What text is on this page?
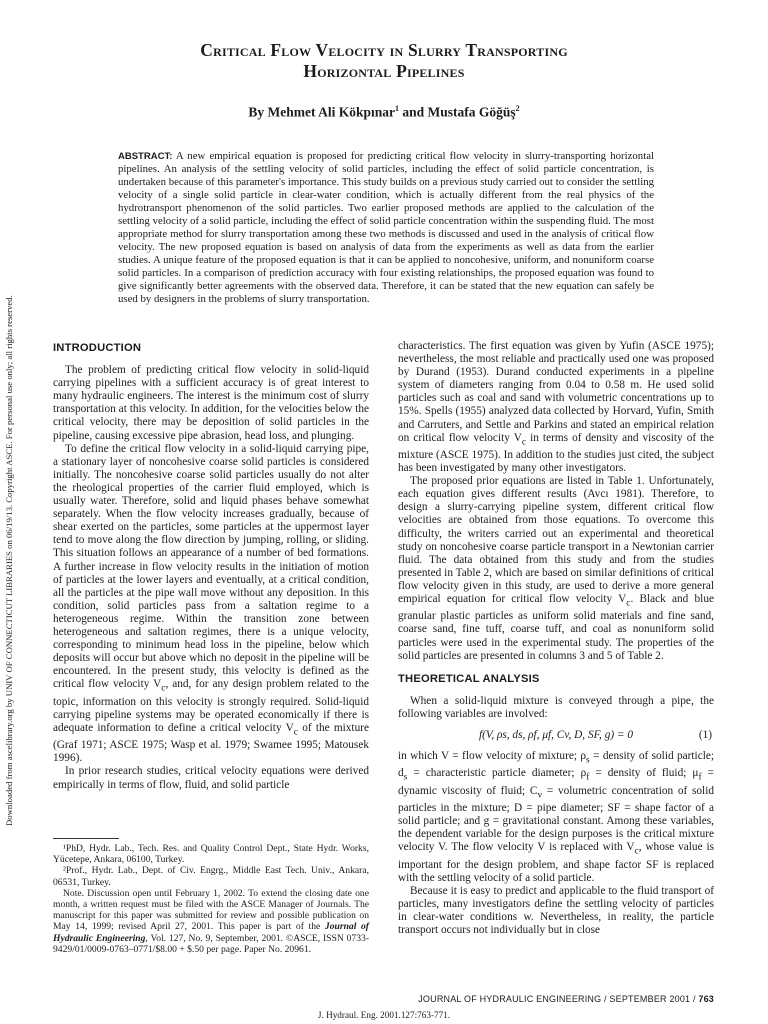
Downloaded from ascelibrary.org by UNIV OF CONNECTICUT LIBRARIES on 06/19/13. Copyright ASCE. For personal use only; all rights reserved.
Critical Flow Velocity in Slurry Transporting
Horizontal Pipelines
By Mehmet Ali Kökpınar$^1$ and Mustafa Göğüş$^2$
ABSTRACT: A new empirical equation is proposed for predicting critical flow velocity in slurry-transporting horizontal pipelines. An analysis of the settling velocity of solid particles, including the effect of solid particle concentration, is undertaken because of this parameter's importance. This study builds on a previous study carried out to consider the settling velocity of a single solid particle in clear-water condition, which is actually different from the real physics of the hydrotransport phenomenon of the solid particles. Two earlier proposed methods are applied to the calculation of the settling velocity of a solid particle, including the effect of solid particle concentration within the suspending fluid. The most appropriate method for slurry transportation among these two methods is discussed and used in the analysis of critical flow velocity. The new proposed equation is based on analysis of data from the experiments as well as data from the earlier studies. A unique feature of the proposed equation is that it can be applied to noncohesive, uniform, and nonuniform coarse solid particles. In a comparison of prediction accuracy with four existing relationships, the proposed equation was found to give significantly better agreements with the observed data. Therefore, it can be stated that the new equation can safely be used by designers in the problems of slurry transportation.

INTRODUCTION

The problem of predicting critical flow velocity in solid-liquid carrying pipelines with a sufficient accuracy is of great interest to many hydraulic engineers. The interest is the minimum cost of slurry transportation at this velocity. In addition, for the velocities below the critical velocity, there may be deposition of solid particles in the pipeline, causing excessive pipe abrasion, head loss, and plunging.

To define the critical flow velocity in a solid-liquid carrying pipe, a stationary layer of noncohesive coarse solid particles is considered initially. The noncohesive coarse solid particles usually do not alter the rheological properties of the carrier fluid employed, which is usually water. Therefore, solid and liquid phases behave somewhat separately. When the flow velocity increases gradually, because of shear exerted on the particles, some particles at the uppermost layer tend to move along the flow direction by jumping, rolling, or sliding. This situation follows an appearance of a number of bed formations. A further increase in flow velocity results in the initiation of motion of particles at the lower layers and eventually, at a critical condition, all the particles at the pipe wall move without any deposition. In this condition, solid particles pass from a saltation regime to a heterogeneous regime. Within the transition zone between heterogeneous and saltation regimes, there is a unique velocity, corresponding to minimum head loss in the pipeline, below which deposits will occur but above which no deposit in the pipeline will be encountered. In the present study, this velocity is defined as the critical flow velocity $V_c$, and, for any design problem related to the topic, information on this velocity is strongly required. Solid-liquid carrying pipeline systems may be operated economically if there is adequate information to define a critical velocity $V_c$ of the mixture (Graf 1971; ASCE 1975; Wasp et al. 1979; Swamee 1995; Matousek 1996).

In prior research studies, critical velocity equations were derived empirically in terms of flow, fluid, and solid particle

¹PhD, Hydr. Lab., Tech. Res. and Quality Control Dept., State Hydr. Works, Yücetepe, Ankara, 06100, Turkey.

²Prof., Hydr. Lab., Dept. of Civ. Engrg., Middle East Tech. Univ., Ankara, 06531, Turkey.

Note. Discussion open until February 1, 2002. To extend the closing date one month, a written request must be filed with the ASCE Manager of Journals. The manuscript for this paper was submitted for review and possible publication on May 14, 1999; revised April 27, 2001. This paper is part of the Journal of Hydraulic Engineering, Vol. 127, No. 9, September, 2001. ©ASCE, ISSN 0733-9429/01/0009-0763–0771/$8.00 + $.50 per page. Paper No. 20961.

characteristics. The first equation was given by Yufin (ASCE 1975); nevertheless, the most reliable and practically used one was proposed by Durand (1953). Durand conducted experiments in a pipeline system of diameters ranging from 0.04 to 0.58 m. He used solid particles such as coal and sand with volumetric concentrations up to 15%. Spells (1955) analyzed data collected by Horvard, Yufin, Smith and Carruters, and Settle and Parkins and stated an empirical relation on critical flow velocity $V_c$ in terms of density and viscosity of the mixture (ASCE 1975). In addition to the studies just cited, the subject has been investigated by many other investigators.

The proposed prior equations are listed in Table 1. Unfortunately, each equation gives different results (Avcı 1981). Therefore, to design a slurry-carrying pipeline system, different critical flow velocities are obtained from those equations. To overcome this difficulty, the writers carried out an experimental and theoretical study on noncohesive coarse particle transport in a Newtonian carrier fluid. The data obtained from this study and from the studies presented in Table 2, which are based on similar definitions of critical flow velocity given in this study, are used to derive a more general empirical equation for critical flow velocity $V_c$. Black and blue granular plastic particles as uniform solid materials and fine sand, coarse sand, fine tuff, coarse tuff, and coal as nonuniform solid particles were used in the experimental study. The properties of the solid particles are presented in columns 3 and 5 of Table 2.

THEORETICAL ANALYSIS

When a solid-liquid mixture is conveyed through a pipe, the following variables are involved:

f(V, ρs, ds, ρf, μf, Cv, D, SF, g) = 0	(1)

in which V = flow velocity of mixture; $\rho_s$ = density of solid particle; $d_s$ = characteristic particle diameter; $\rho_f$ = density of fluid; $\mu_f$ = dynamic viscosity of fluid; $C_v$ = volumetric concentration of solid particles in the mixture; D = pipe diameter; SF = shape factor of a solid particle; and g = gravitational constant. Among these variables, the dependent variable for the design purposes is the critical mixture velocity V. The flow velocity V is replaced with $V_c$, whose value is important for the design problem, and shape factor SF is replaced with the settling velocity of a solid particle.

Because it is easy to predict and applicable to the fluid transport of particles, many investigators define the settling velocity of particles in clear-water conditions w. Nevertheless, in reality, the particle transport occurs not individually but in close

JOURNAL OF HYDRAULIC ENGINEERING / SEPTEMBER 2001 / 763
J. Hydraul. Eng. 2001.127:763-771.
